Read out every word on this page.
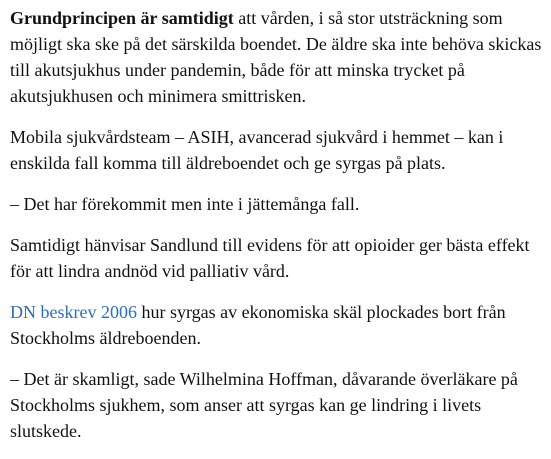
Grundprincipen är samtidigt att vården, i så stor utsträckning som möjligt ska ske på det särskilda boendet. De äldre ska inte behöva skickas till akutsjukhus under pandemin, både för att minska trycket på akutsjukhusen och minimera smittrisken.

Mobila sjukvårdsteam – ASIH, avancerad sjukvård i hemmet – kan i enskilda fall komma till äldreboendet och ge syrgas på plats.

– Det har förekommit men inte i jättemånga fall.

Samtidigt hänvisar Sandlund till evidens för att opioider ger bästa effekt för att lindra andnöd vid palliativ vård.

DN beskrev 2006 hur syrgas av ekonomiska skäl plockades bort från Stockholms äldreboenden.

– Det är skamligt, sade Wilhelmina Hoffman, dåvarande överläkare på Stockholms sjukhem, som anser att syrgas kan ge lindring i livets slutskede.
